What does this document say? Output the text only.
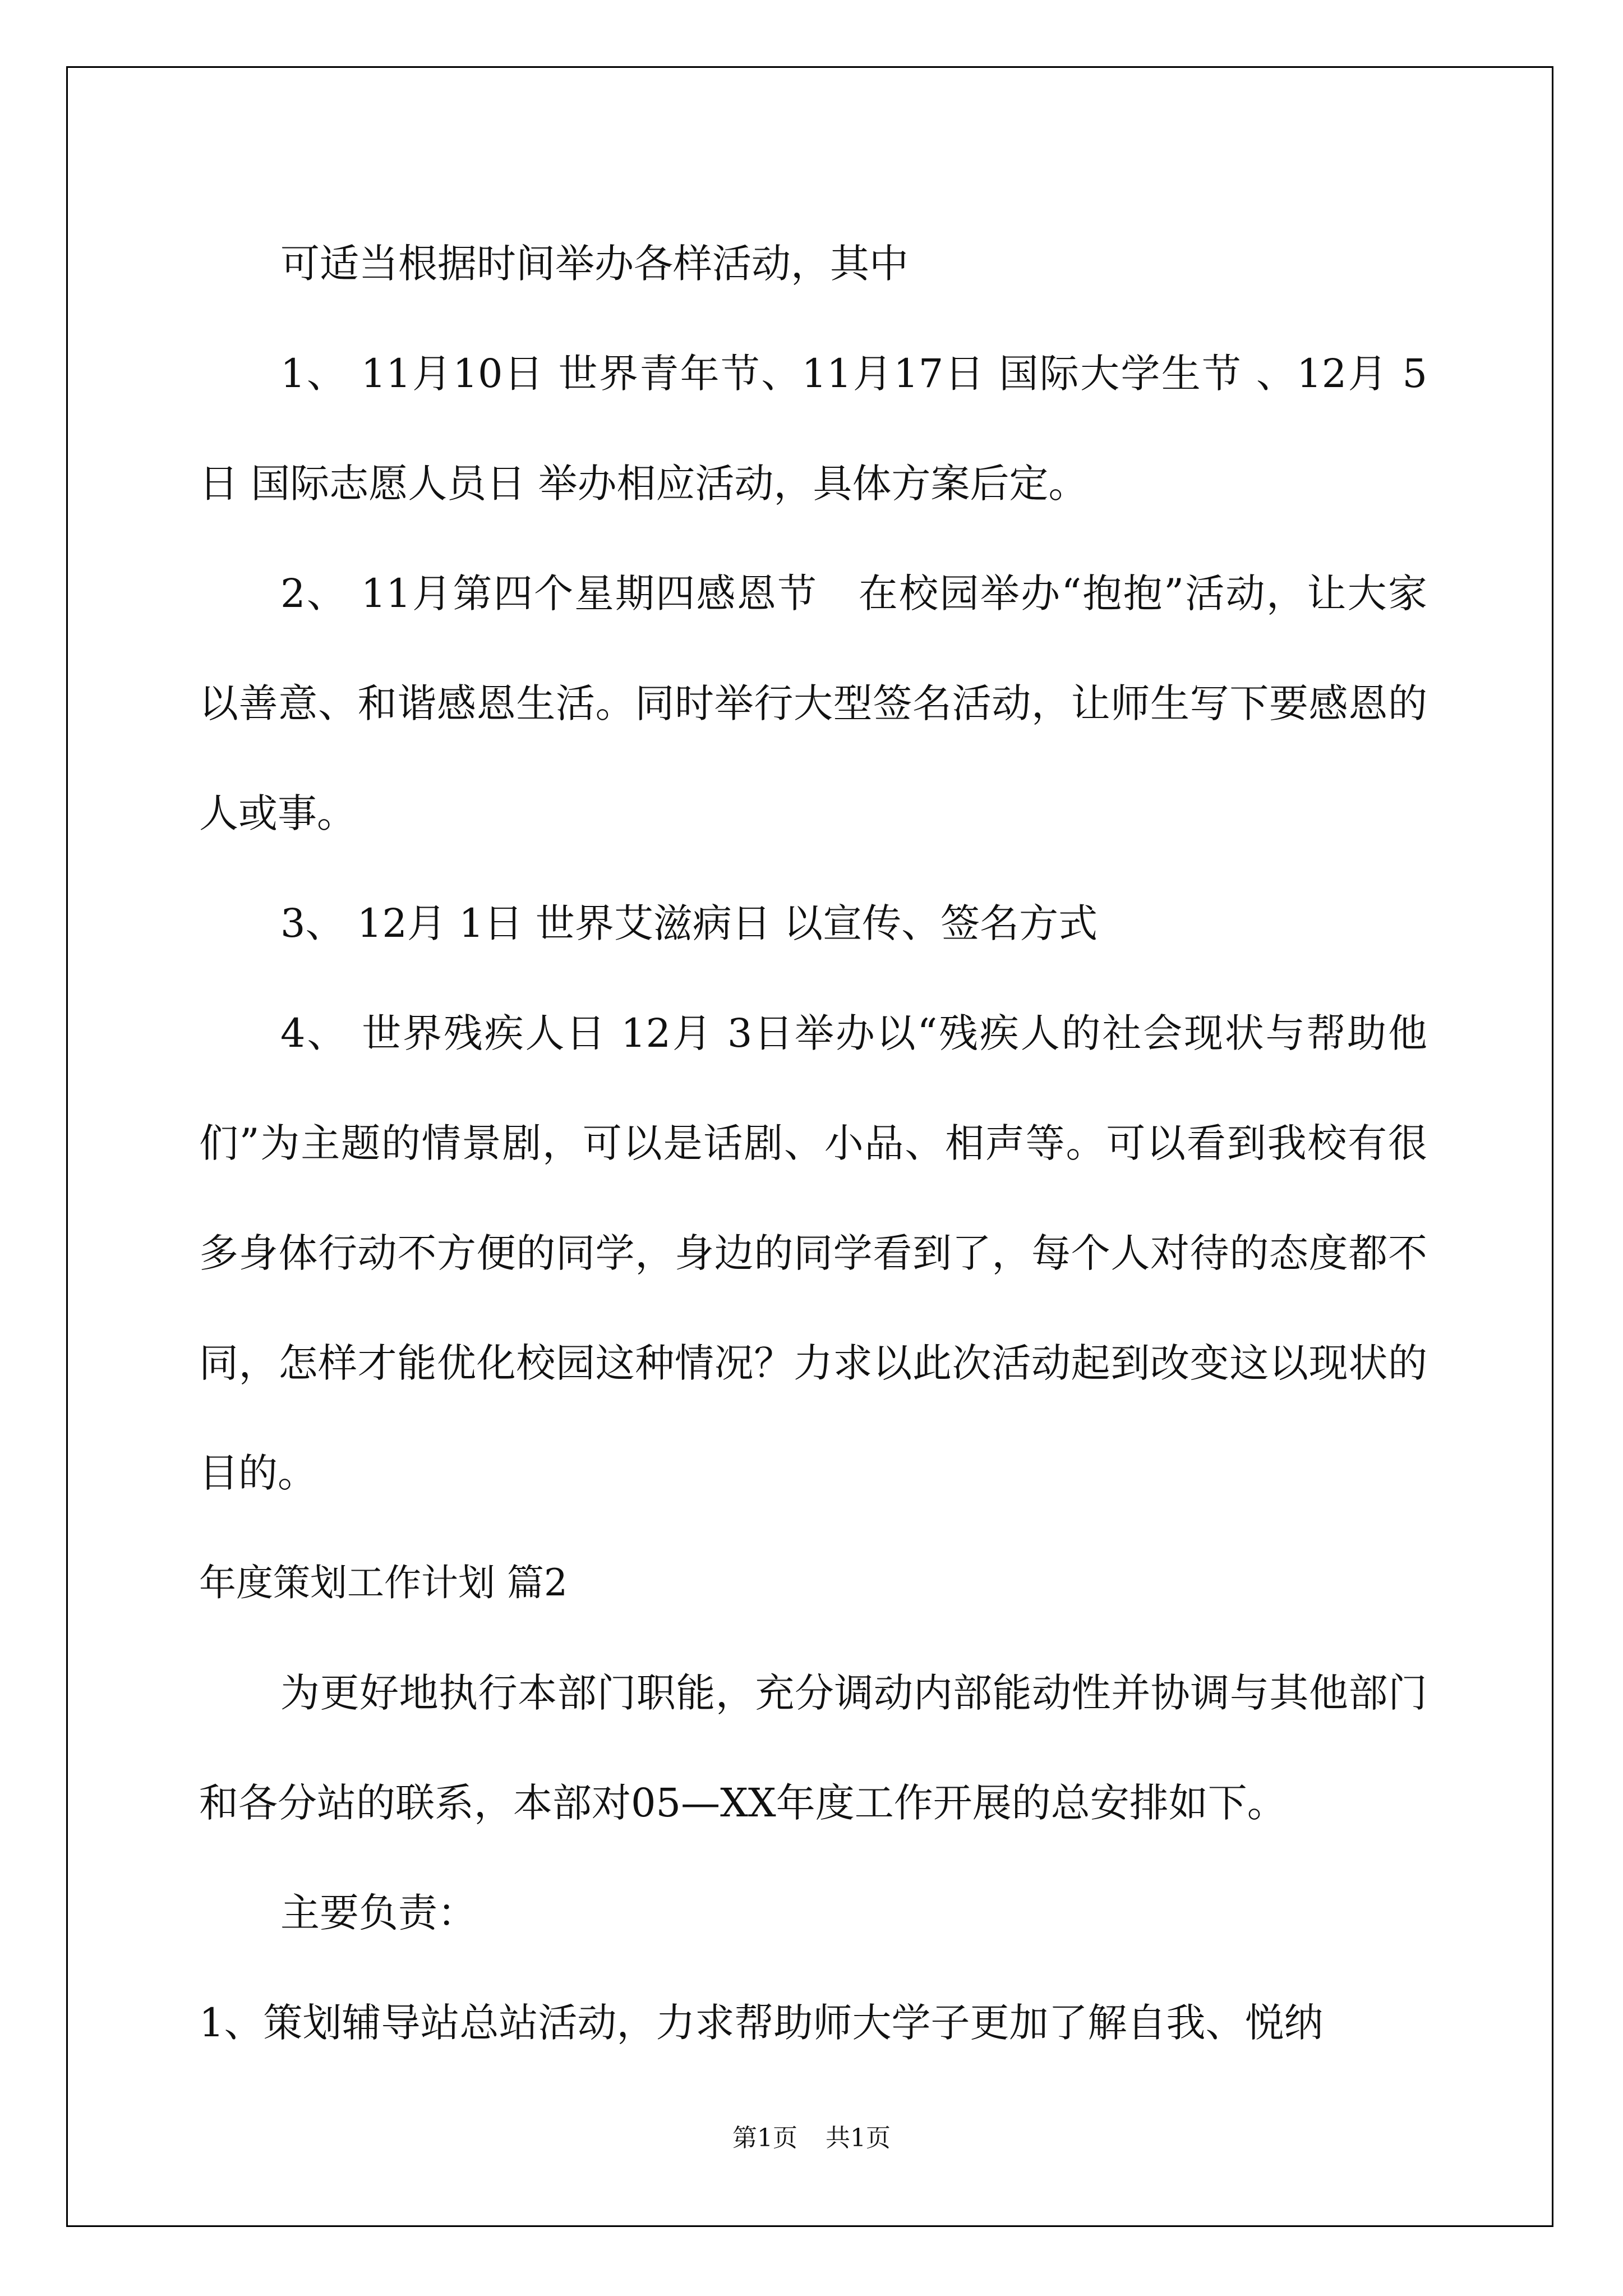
可适当根据时间举办各样活动，其中

1、 11月10日 世界青年节、11月17日 国际大学生节 、12月 5日 国际志愿人员日 举办相应活动，具体方案后定。

2、 11月第四个星期四感恩节　在校园举办“抱抱”活动，让大家以善意、和谐感恩生活。同时举行大型签名活动，让师生写下要感恩的人或事。

3、 12月 1日 世界艾滋病日 以宣传、签名方式

4、 世界残疾人日 12月 3日举办以“残疾人的社会现状与帮助他们”为主题的情景剧，可以是话剧、小品、相声等。可以看到我校有很多身体行动不方便的同学，身边的同学看到了，每个人对待的态度都不同，怎样才能优化校园这种情况？力求以此次活动起到改变这以现状的目的。

年度策划工作计划 篇2

为更好地执行本部门职能，充分调动内部能动性并协调与其他部门和各分站的联系，本部对05—XX年度工作开展的总安排如下。

主要负责：

1、策划辅导站总站活动，力求帮助师大学子更加了解自我、悦纳

第1页 共1页
